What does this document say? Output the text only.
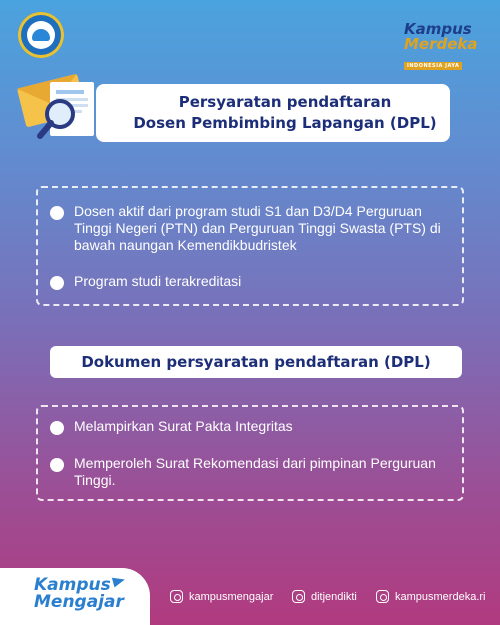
Kampus
Merdeka
INDONESIA JAYA
Persyaratan pendaftaran
Dosen Pembimbing Lapangan (DPL)
Dosen aktif dari program studi S1 dan D3/D4 Perguruan Tinggi Negeri (PTN) dan Perguruan Tinggi Swasta (PTS) di bawah naungan Kemendikbudristek
Program studi terakreditasi
Dokumen persyaratan pendaftaran (DPL)
Melampirkan Surat Pakta Integritas
Memperoleh Surat Rekomendasi dari pimpinan Perguruan Tinggi.
Kampus
Mengajar	kampusmengajar	ditjendikti	kampusmerdeka.ri
